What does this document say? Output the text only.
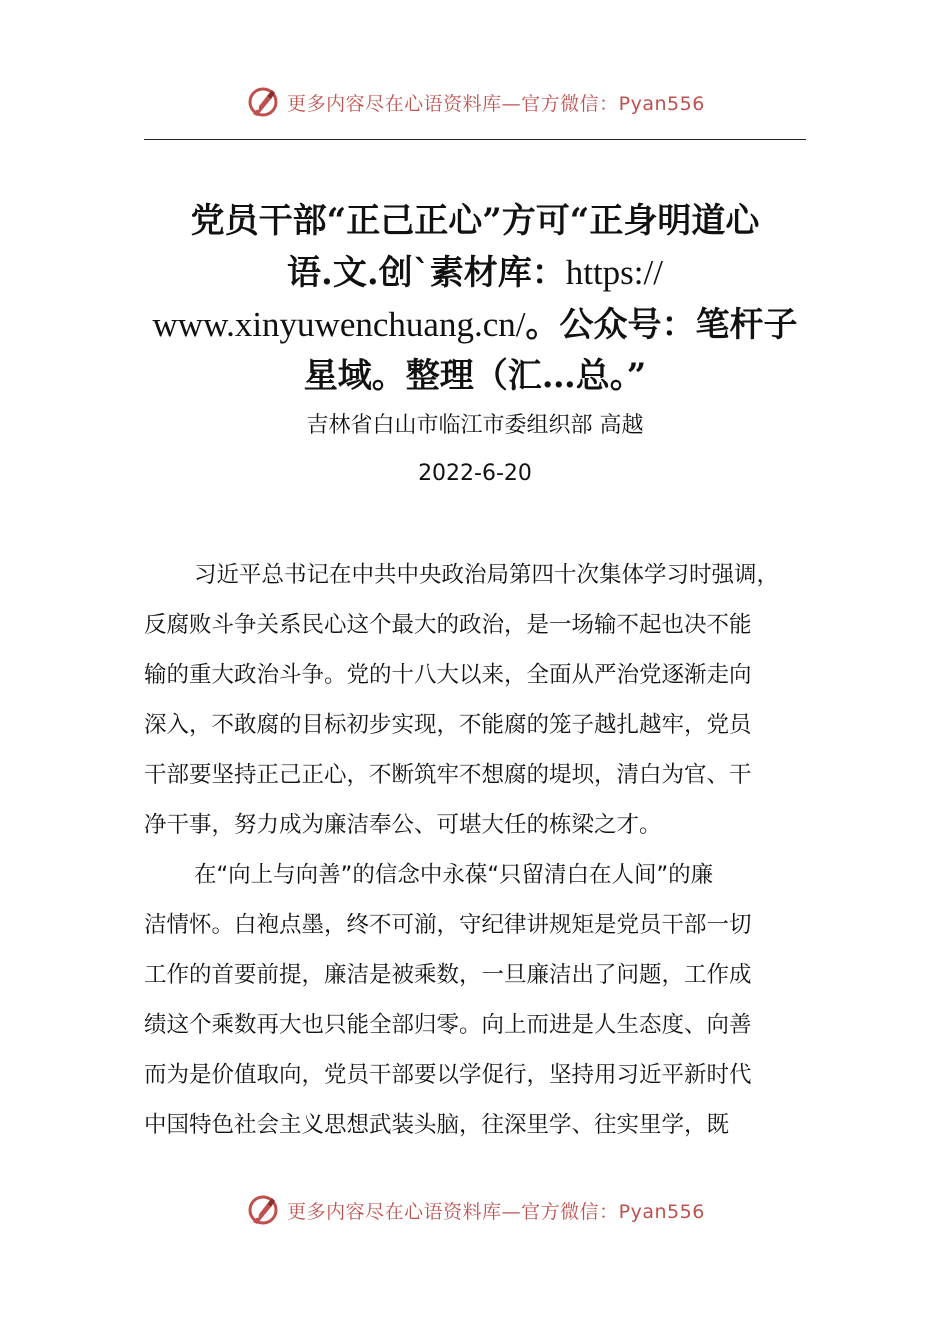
更多内容尽在心语资料库—官方微信：Pyan556
党员干部“正己正心”方可“正身明道心
语.文.创`素材库：https://
www.xinyuwenchuang.cn/。公众号：笔杆子
星域。整理（汇…总。”
吉林省白山市临江市委组织部 高越
2022-6-20
习近平总书记在中共中央政治局第四十次集体学习时强调，
反腐败斗争关系民心这个最大的政治，是一场输不起也决不能
输的重大政治斗争。党的十八大以来，全面从严治党逐渐走向
深入，不敢腐的目标初步实现，不能腐的笼子越扎越牢，党员
干部要坚持正己正心，不断筑牢不想腐的堤坝，清白为官、干
净干事，努力成为廉洁奉公、可堪大任的栋梁之才。
在“向上与向善”的信念中永葆“只留清白在人间”的廉
洁情怀。白袍点墨，终不可湔，守纪律讲规矩是党员干部一切
工作的首要前提，廉洁是被乘数，一旦廉洁出了问题，工作成
绩这个乘数再大也只能全部归零。向上而进是人生态度、向善
而为是价值取向，党员干部要以学促行，坚持用习近平新时代
中国特色社会主义思想武装头脑，往深里学、往实里学，既
更多内容尽在心语资料库—官方微信：Pyan556
